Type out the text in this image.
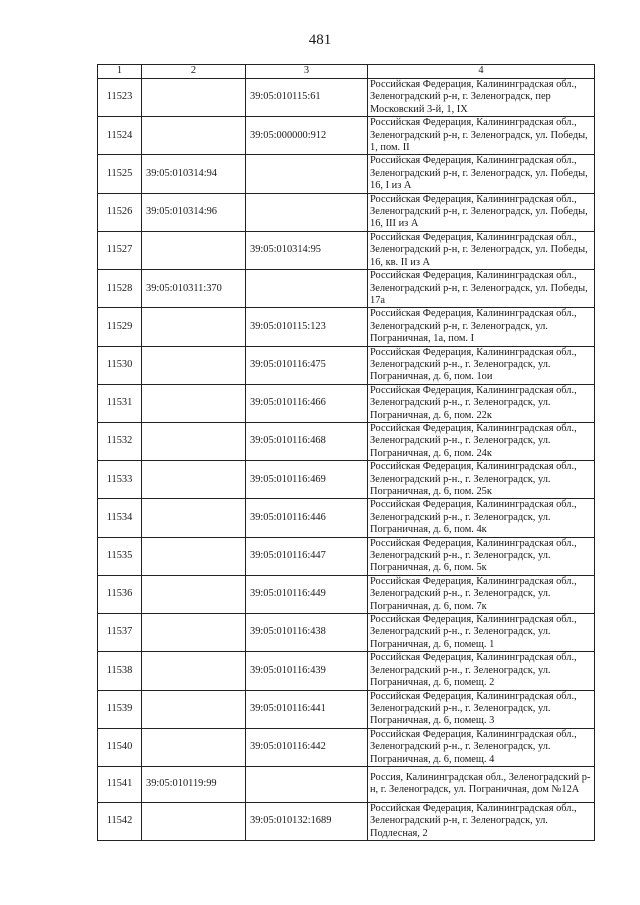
481
1	2	3	4
11523		39:05:010115:61	Российская Федерация, Калининградская обл., Зеленоградский р-н, г. Зеленоградск, пер Московский 3-й, 1, IX
11524		39:05:000000:912	Российская Федерация, Калининградская обл., Зеленоградский р-н, г. Зеленоградск, ул. Победы, 1, пом. II
11525	39:05:010314:94		Российская Федерация, Калининградская обл., Зеленоградский р-н, г. Зеленоградск, ул. Победы, 16, I из А
11526	39:05:010314:96		Российская Федерация, Калининградская обл., Зеленоградский р-н, г. Зеленоградск, ул. Победы, 16, III из А
11527		39:05:010314:95	Российская Федерация, Калининградская обл., Зеленоградский р-н, г. Зеленоградск, ул. Победы, 16, кв. II из А
11528	39:05:010311:370		Российская Федерация, Калининградская обл., Зеленоградский р-н, г. Зеленоградск, ул. Победы, 17а
11529		39:05:010115:123	Российская Федерация, Калининградская обл., Зеленоградский р-н, г. Зеленоградск, ул. Пограничная, 1а, пом. I
11530		39:05:010116:475	Российская Федерация, Калининградская обл., Зеленоградский р-н., г. Зеленоградск, ул. Пограничная, д. 6, пом. 1ои
11531		39:05:010116:466	Российская Федерация, Калининградская обл., Зеленоградский р-н., г. Зеленоградск, ул. Пограничная, д. 6, пом. 22к
11532		39:05:010116:468	Российская Федерация, Калининградская обл., Зеленоградский р-н., г. Зеленоградск, ул. Пограничная, д. 6, пом. 24к
11533		39:05:010116:469	Российская Федерация, Калининградская обл., Зеленоградский р-н., г. Зеленоградск, ул. Пограничная, д. 6, пом. 25к
11534		39:05:010116:446	Российская Федерация, Калининградская обл., Зеленоградский р-н., г. Зеленоградск, ул. Пограничная, д. 6, пом. 4к
11535		39:05:010116:447	Российская Федерация, Калининградская обл., Зеленоградский р-н., г. Зеленоградск, ул. Пограничная, д. 6, пом. 5к
11536		39:05:010116:449	Российская Федерация, Калининградская обл., Зеленоградский р-н., г. Зеленоградск, ул. Пограничная, д. 6, пом. 7к
11537		39:05:010116:438	Российская Федерация, Калининградская обл., Зеленоградский р-н., г. Зеленоградск, ул. Пограничная, д. 6, помещ. 1
11538		39:05:010116:439	Российская Федерация, Калининградская обл., Зеленоградский р-н., г. Зеленоградск, ул. Пограничная, д. 6, помещ. 2
11539		39:05:010116:441	Российская Федерация, Калининградская обл., Зеленоградский р-н., г. Зеленоградск, ул. Пограничная, д. 6, помещ. 3
11540		39:05:010116:442	Российская Федерация, Калининградская обл., Зеленоградский р-н., г. Зеленоградск, ул. Пограничная, д. 6, помещ. 4
11541	39:05:010119:99		Россия, Калининградская обл., Зеленоградский р-н, г. Зеленоградск, ул. Пограничная, дом №12А
11542		39:05:010132:1689	Российская Федерация, Калининградская обл., Зеленоградский р-н, г. Зеленоградск, ул. Подлесная, 2
